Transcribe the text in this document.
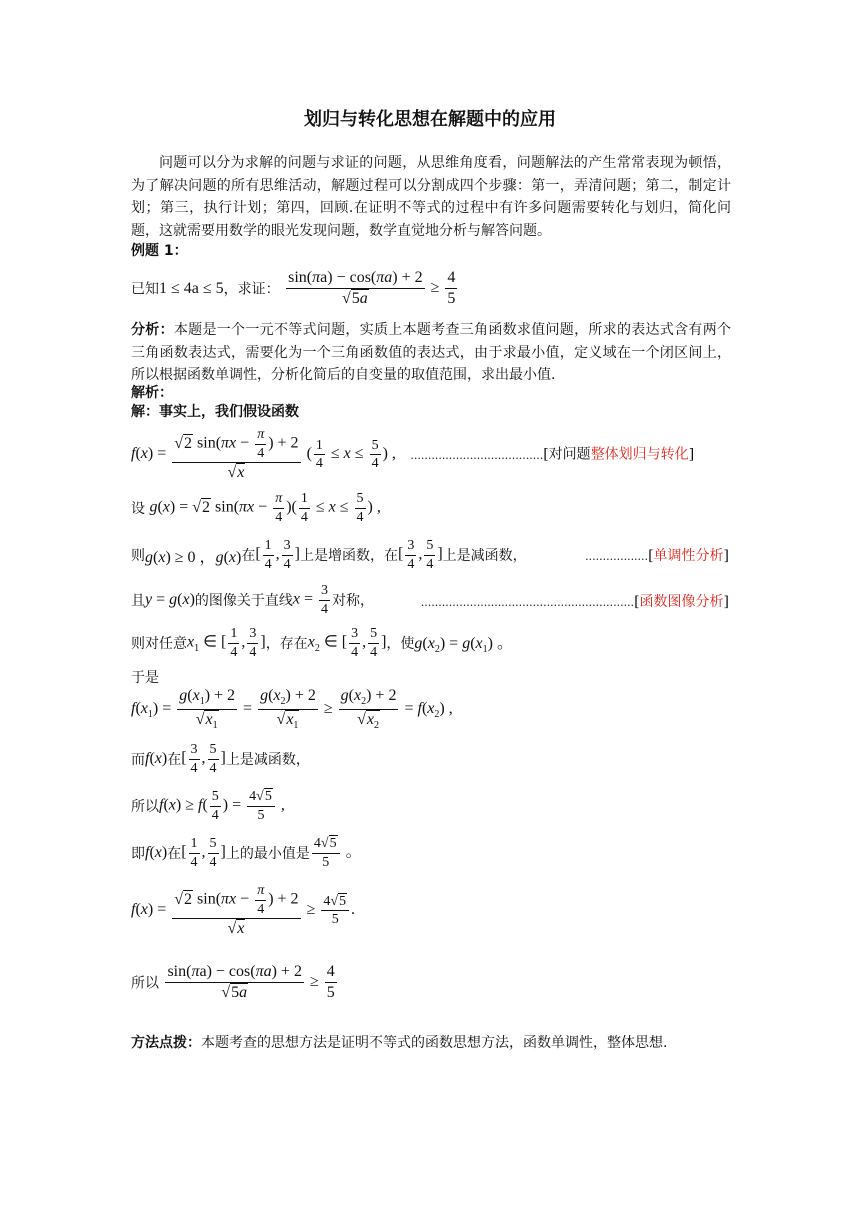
划归与转化思想在解题中的应用
问题可以分为求解的问题与求证的问题，从思维角度看，问题解法的产生常常表现为顿悟，为了解决问题的所有思维活动，解题过程可以分割成四个步骤：第一，弄清问题；第二，制定计划；第三，执行计划；第四，回顾.在证明不等式的过程中有许多问题需要转化与划归，简化问题，这就需要用数学的眼光发现问题，数学直觉地分析与解答问题。
例题 1：
已知1 ≤ 4a ≤ 5，求证： $\frac{\sin(\pi a) - \cos(\pi a) + 2}{√5a} \ge \frac{4}{5}$
分析：本题是一个一元不等式问题，实质上本题考查三角函数求值问题，所求的表达式含有两个三角函数表达式，需要化为一个三角函数值的表达式，由于求最小值，定义域在一个闭区间上，所以根据函数单调性，分析化简后的自变量的取值范围，求出最小值.
解析：
解：事实上，我们假设函数
$f(x) = \frac{√2 \sin(\pi x - \frac{\pi}{4} ) + 2}{√x}$ ( $\frac{1}{4} \le x \le \frac{5}{4}$ ) , ......................................[对问题整体划归与转化]
设 g(x) = √2 $\sin(\pi x - \frac{\pi}{4}$ )( $\frac{1}{4} \le x \le \frac{5}{4}$ ) ,
则g(x) ≥ 0 ，g(x)在[ $\frac{1}{4}$ , $\frac{3}{4}$ ]上是增函数，在[ $\frac{3}{4}$ , $\frac{5}{4}$ ]上是减函数，	..................[单调性分析]
且y = g(x)的图像关于直线$x = \frac{3}{4}$ 对称，	.............................................................[函数图像分析]
则对任意$x_1$ ∈ [ $\frac{1}{4}$ , $\frac{3}{4}$ ]，存在$x_2$ ∈ [ $\frac{3}{4}$ , $\frac{5}{4}$ ]，使$g(x_2) = g(x_1)$ 。
于是
$f(x_1) = \frac{g(x_1) + 2}{√x_1} = \frac{g(x_2) + 2}{√x_1} \ge \frac{g(x_2) + 2}{√x_2} = f(x_2)$ ,
而f(x)在[ $\frac{3}{4}$ , $\frac{5}{4}$ ]上是减函数，
所以$f(x) \ge f( \frac{5}{4}$ ) = $\frac{4√5}{5}$ ,
即f(x)在[ $\frac{1}{4}$ , $\frac{5}{4}$ ]上的最小值是 $\frac{4√5}{5}$ 。
$f(x) = \frac{√2 \sin(\pi x - \frac{\pi}{4} ) + 2}{√x} \ge \frac{4√5}{5}$ .
所以 $\frac{\sin(\pi a) - \cos(\pi a) + 2}{√5a} \ge \frac{4}{5}$
方法点拨：本题考查的思想方法是证明不等式的函数思想方法，函数单调性，整体思想.
